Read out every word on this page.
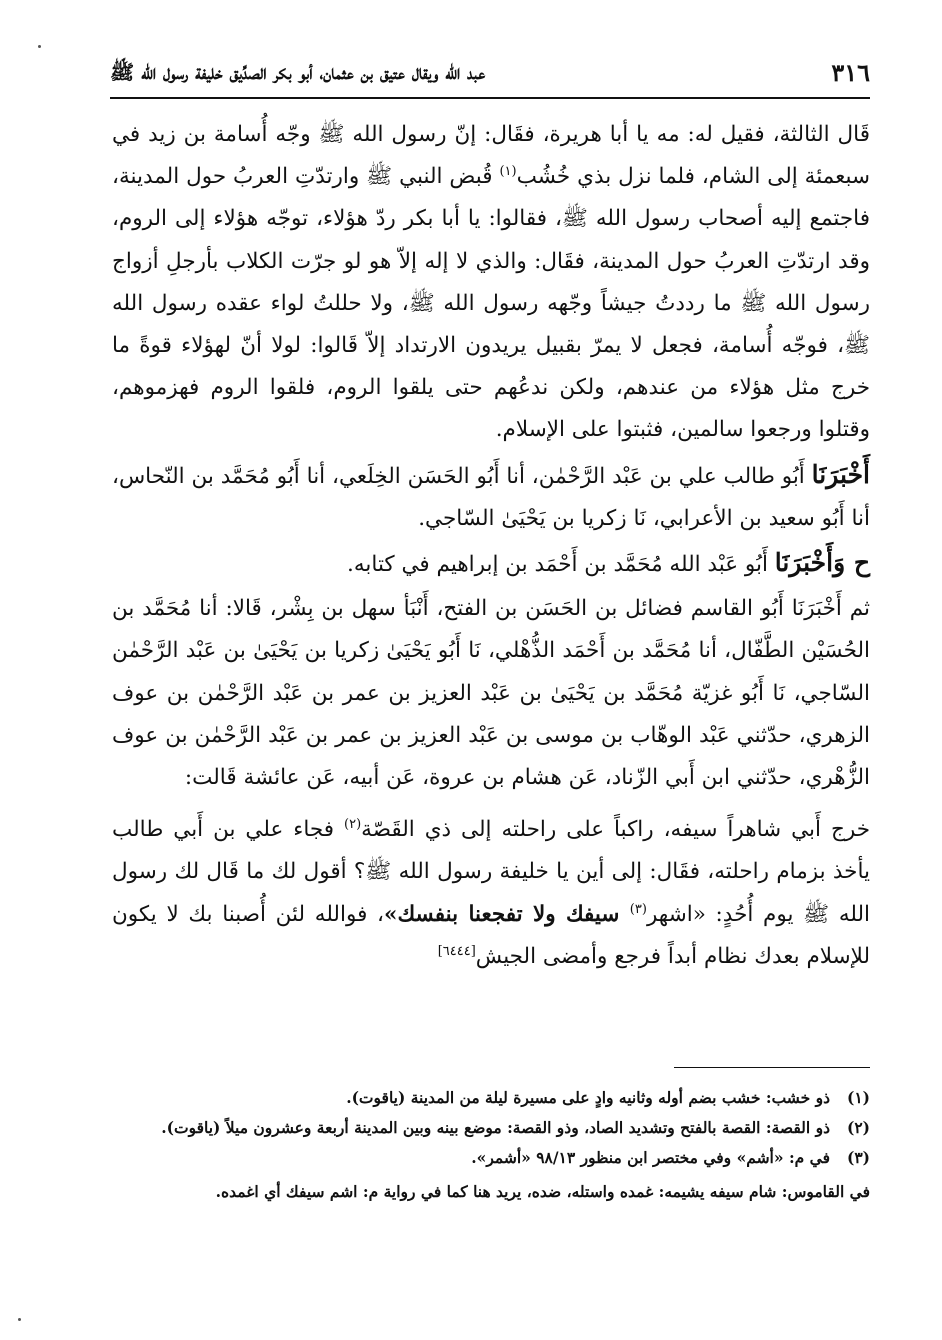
٣١٦
عبد الله ويقال عتيق بن عثمان، أبو بكر الصدِّيق خليفة رسول الله ﷺ

قَال الثالثة، فقيل له: مه يا أبا هريرة، فقَال: إنّ رسول الله ﷺ وجّه أُسامة بن زيد في سبعمئة إلى الشام، فلما نزل بذي خُشُب$^{(١)}$ قُبض النبي ﷺ وارتدّتِ العربُ حول المدينة، فاجتمع إليه أصحاب رسول الله ﷺ، فقالوا: يا أبا بكر ردّ هؤلاء، توجّه هؤلاء إلى الروم، وقد ارتدّتِ العربُ حول المدينة، فقَال: والذي لا إله إلاّ هو لو جرّت الكلاب بأرجلِ أزواج رسول الله ﷺ ما رددتُ جيشاً وجّهه رسول الله ﷺ، ولا حللتُ لواء عقده رسول الله ﷺ، فوجّه أُسامة، فجعل لا يمرّ بقبيل يريدون الارتداد إلاّ قَالوا: لولا أنّ لهؤلاء قوةً ما خرج مثل هؤلاء من عندهم، ولكن ندعُهم حتى يلقوا الروم، فلقوا الروم فهزموهم، وقتلوا ورجعوا سالمين، فثبتوا على الإسلام.

أَخْبَرَنَا أَبُو طالب علي بن عَبْد الرَّحْمٰن، أنا أَبُو الحَسَن الخِلَعي، أنا أَبُو مُحَمَّد بن النّحاس، أنا أَبُو سعيد بن الأعرابي، نَا زكريا بن يَحْيَىٰ السّاجي.

ح وَأَخْبَرَنَا أَبُو عَبْد الله مُحَمَّد بن أَحْمَد بن إبراهيم في كتابه.

ثم أَخْبَرَنَا أَبُو القاسم فضائل بن الحَسَن بن الفتح، أَنْبَأ سهل بن بِشْر، قَالا: أنا مُحَمَّد بن الحُسَيْن الطَّفّال، أنا مُحَمَّد بن أَحْمَد الذُّهْلي، نَا أَبُو يَحْيَىٰ زكريا بن يَحْيَىٰ بن عَبْد الرَّحْمٰن السّاجي، نَا أَبُو غزيّة مُحَمَّد بن يَحْيَىٰ بن عَبْد العزيز بن عمر بن عَبْد الرَّحْمٰن بن عوف الزهري، حدّثني عَبْد الوهّاب بن موسى بن عَبْد العزيز بن عمر بن عَبْد الرَّحْمٰن بن عوف الزُّهْري، حدّثني ابن أَبي الزّناد، عَن هشام بن عروة، عَن أبيه، عَن عائشة قَالت:

خرج أَبي شاهراً سيفه، راكباً على راحلته إلى ذي القَصّة$^{(٢)}$ فجاء علي بن أَبي طالب يأخذ بزمام راحلته، فقَال: إلى أين يا خليفة رسول الله ﷺ؟ أقول لك ما قَال لك رسول الله ﷺ يوم أُحُدٍ: «اشهر$^{(٣)}$ سيفك ولا تفجعنا بنفسك»، فوالله لئن أُصبنا بك لا يكون للإسلام بعدك نظام أبداً فرجع وأمضى الجيش[٦٤٤٤]

(١)
ذو خشب: خشب بضم أوله وثانيه وادٍ على مسيرة ليلة من المدينة (ياقوت).
(٢)
ذو القصة: القصة بالفتح وتشديد الصاد، وذو القصة: موضع بينه وبين المدينة أربعة وعشرون ميلاً (ياقوت).
(٣)
في م: «أشم» وفي مختصر ابن منظور ٩٨/١٣ «أشمر».

في القاموس: شام سيفه يشيمه: غمده واستله، ضده، يريد هنا كما في رواية م: اشم سيفك أي اغمده.
